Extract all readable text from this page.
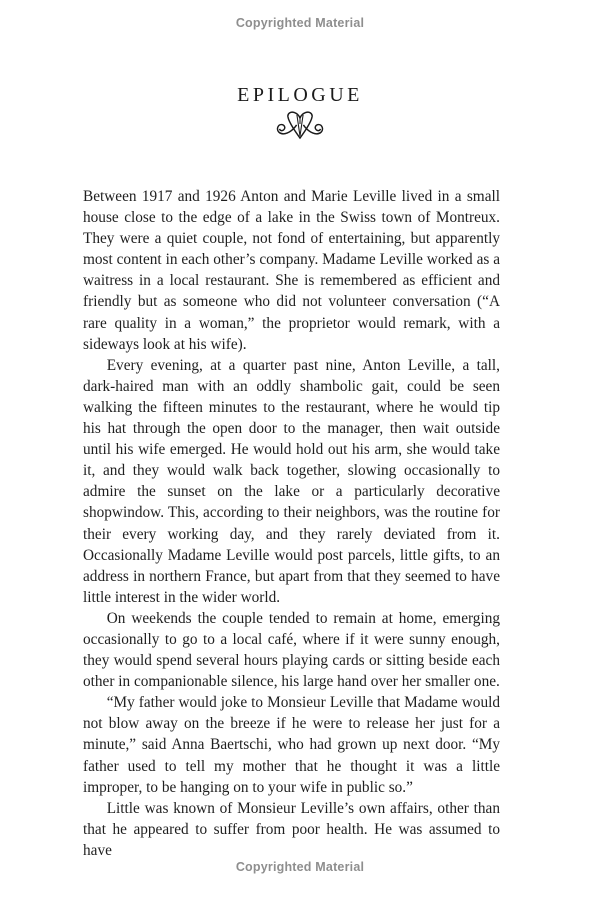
Copyrighted Material
EPILOGUE

Between 1917 and 1926 Anton and Marie Leville lived in a small house close to the edge of a lake in the Swiss town of Montreux. They were a quiet couple, not fond of entertaining, but apparently most content in each other’s company. Madame Leville worked as a waitress in a local restaurant. She is remembered as efficient and friendly but as someone who did not volunteer conversation (“A rare quality in a woman,” the proprietor would remark, with a sideways look at his wife).

Every evening, at a quarter past nine, Anton Leville, a tall, dark-haired man with an oddly shambolic gait, could be seen walking the fifteen minutes to the restaurant, where he would tip his hat through the open door to the manager, then wait outside until his wife emerged. He would hold out his arm, she would take it, and they would walk back together, slowing occasionally to admire the sunset on the lake or a particularly decorative shopwindow. This, according to their neighbors, was the routine for their every working day, and they rarely deviated from it. Occasionally Madame Leville would post parcels, little gifts, to an address in northern France, but apart from that they seemed to have little interest in the wider world.

On weekends the couple tended to remain at home, emerging occasionally to go to a local café, where if it were sunny enough, they would spend several hours playing cards or sitting beside each other in companionable silence, his large hand over her smaller one.

“My father would joke to Monsieur Leville that Madame would not blow away on the breeze if he were to release her just for a minute,” said Anna Baertschi, who had grown up next door. “My father used to tell my mother that he thought it was a little improper, to be hanging on to your wife in public so.”

Little was known of Monsieur Leville’s own affairs, other than that he appeared to suffer from poor health. He was assumed to have

Copyrighted Material
